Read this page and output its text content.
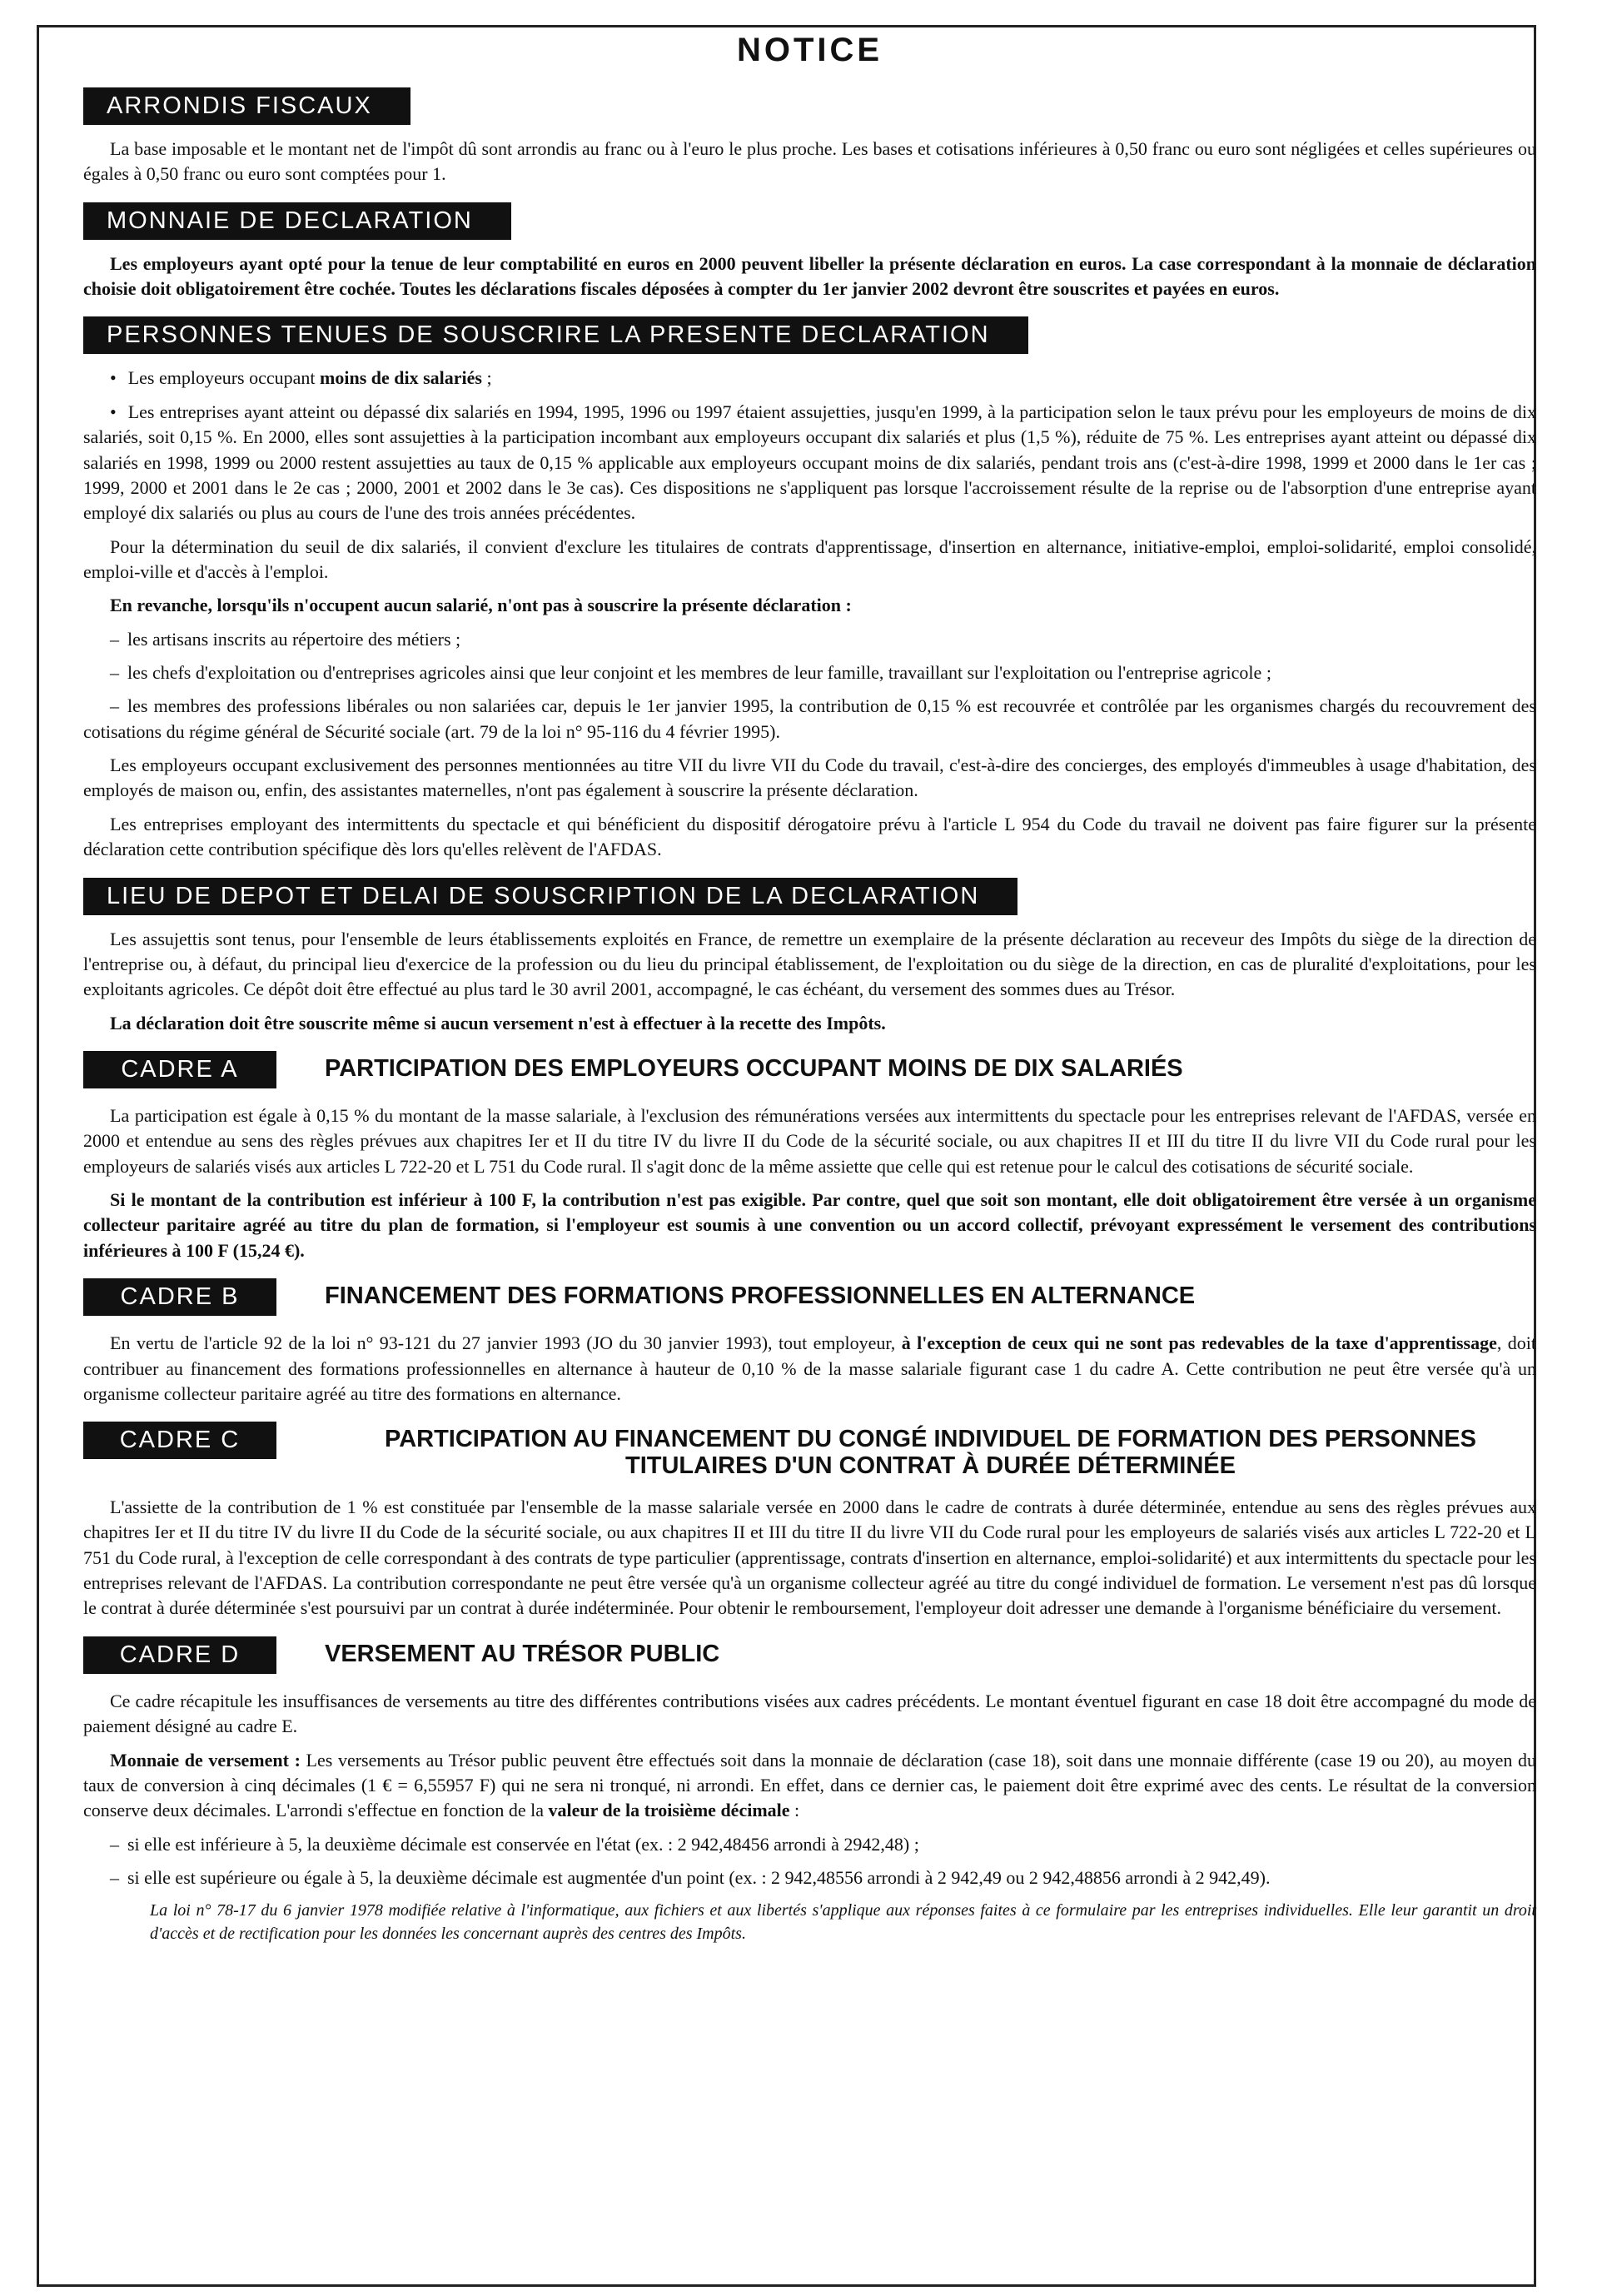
NOTICE
ARRONDIS FISCAUX

La base imposable et le montant net de l'impôt dû sont arrondis au franc ou à l'euro le plus proche. Les bases et cotisations inférieures à 0,50 franc ou euro sont négligées et celles supérieures ou égales à 0,50 franc ou euro sont comptées pour 1.

MONNAIE DE DECLARATION

Les employeurs ayant opté pour la tenue de leur comptabilité en euros en 2000 peuvent libeller la présente déclaration en euros. La case correspondant à la monnaie de déclaration choisie doit obligatoirement être cochée. Toutes les déclarations fiscales déposées à compter du 1er janvier 2002 devront être souscrites et payées en euros.

PERSONNES TENUES DE SOUSCRIRE LA PRESENTE DECLARATION

• Les employeurs occupant moins de dix salariés ;

• Les entreprises ayant atteint ou dépassé dix salariés en 1994, 1995, 1996 ou 1997 étaient assujetties, jusqu'en 1999, à la participation selon le taux prévu pour les employeurs de moins de dix salariés, soit 0,15 %. En 2000, elles sont assujetties à la participation incombant aux employeurs occupant dix salariés et plus (1,5 %), réduite de 75 %. Les entreprises ayant atteint ou dépassé dix salariés en 1998, 1999 ou 2000 restent assujetties au taux de 0,15 % applicable aux employeurs occupant moins de dix salariés, pendant trois ans (c'est-à-dire 1998, 1999 et 2000 dans le 1er cas ; 1999, 2000 et 2001 dans le 2e cas ; 2000, 2001 et 2002 dans le 3e cas). Ces dispositions ne s'appliquent pas lorsque l'accroissement résulte de la reprise ou de l'absorption d'une entreprise ayant employé dix salariés ou plus au cours de l'une des trois années précédentes.

Pour la détermination du seuil de dix salariés, il convient d'exclure les titulaires de contrats d'apprentissage, d'insertion en alternance, initiative-emploi, emploi-solidarité, emploi consolidé, emploi-ville et d'accès à l'emploi.

En revanche, lorsqu'ils n'occupent aucun salarié, n'ont pas à souscrire la présente déclaration :

– les artisans inscrits au répertoire des métiers ;

– les chefs d'exploitation ou d'entreprises agricoles ainsi que leur conjoint et les membres de leur famille, travaillant sur l'exploitation ou l'entreprise agricole ;

– les membres des professions libérales ou non salariées car, depuis le 1er janvier 1995, la contribution de 0,15 % est recouvrée et contrôlée par les organismes chargés du recouvrement des cotisations du régime général de Sécurité sociale (art. 79 de la loi n° 95-116 du 4 février 1995).

Les employeurs occupant exclusivement des personnes mentionnées au titre VII du livre VII du Code du travail, c'est-à-dire des concierges, des employés d'immeubles à usage d'habitation, des employés de maison ou, enfin, des assistantes maternelles, n'ont pas également à souscrire la présente déclaration.

Les entreprises employant des intermittents du spectacle et qui bénéficient du dispositif dérogatoire prévu à l'article L 954 du Code du travail ne doivent pas faire figurer sur la présente déclaration cette contribution spécifique dès lors qu'elles relèvent de l'AFDAS.

LIEU DE DEPOT ET DELAI DE SOUSCRIPTION DE LA DECLARATION

Les assujettis sont tenus, pour l'ensemble de leurs établissements exploités en France, de remettre un exemplaire de la présente déclaration au receveur des Impôts du siège de la direction de l'entreprise ou, à défaut, du principal lieu d'exercice de la profession ou du lieu du principal établissement, de l'exploitation ou du siège de la direction, en cas de pluralité d'exploitations, pour les exploitants agricoles. Ce dépôt doit être effectué au plus tard le 30 avril 2001, accompagné, le cas échéant, du versement des sommes dues au Trésor.

La déclaration doit être souscrite même si aucun versement n'est à effectuer à la recette des Impôts.

CADRE A	PARTICIPATION DES EMPLOYEURS OCCUPANT MOINS DE DIX SALARIÉS

La participation est égale à 0,15 % du montant de la masse salariale, à l'exclusion des rémunérations versées aux intermittents du spectacle pour les entreprises relevant de l'AFDAS, versée en 2000 et entendue au sens des règles prévues aux chapitres Ier et II du titre IV du livre II du Code de la sécurité sociale, ou aux chapitres II et III du titre II du livre VII du Code rural pour les employeurs de salariés visés aux articles L 722-20 et L 751 du Code rural. Il s'agit donc de la même assiette que celle qui est retenue pour le calcul des cotisations de sécurité sociale.

Si le montant de la contribution est inférieur à 100 F, la contribution n'est pas exigible. Par contre, quel que soit son montant, elle doit obligatoirement être versée à un organisme collecteur paritaire agréé au titre du plan de formation, si l'employeur est soumis à une convention ou un accord collectif, prévoyant expressément le versement des contributions inférieures à 100 F (15,24 €).

CADRE B	FINANCEMENT DES FORMATIONS PROFESSIONNELLES EN ALTERNANCE

En vertu de l'article 92 de la loi n° 93-121 du 27 janvier 1993 (JO du 30 janvier 1993), tout employeur, à l'exception de ceux qui ne sont pas redevables de la taxe d'apprentissage, doit contribuer au financement des formations professionnelles en alternance à hauteur de 0,10 % de la masse salariale figurant case 1 du cadre A. Cette contribution ne peut être versée qu'à un organisme collecteur paritaire agréé au titre des formations en alternance.

CADRE C	PARTICIPATION AU FINANCEMENT DU CONGÉ INDIVIDUEL DE FORMATION DES PERSONNES TITULAIRES D'UN CONTRAT À DURÉE DÉTERMINÉE

L'assiette de la contribution de 1 % est constituée par l'ensemble de la masse salariale versée en 2000 dans le cadre de contrats à durée déterminée, entendue au sens des règles prévues aux chapitres Ier et II du titre IV du livre II du Code de la sécurité sociale, ou aux chapitres II et III du titre II du livre VII du Code rural pour les employeurs de salariés visés aux articles L 722-20 et L 751 du Code rural, à l'exception de celle correspondant à des contrats de type particulier (apprentissage, contrats d'insertion en alternance, emploi-solidarité) et aux intermittents du spectacle pour les entreprises relevant de l'AFDAS. La contribution correspondante ne peut être versée qu'à un organisme collecteur agréé au titre du congé individuel de formation. Le versement n'est pas dû lorsque le contrat à durée déterminée s'est poursuivi par un contrat à durée indéterminée. Pour obtenir le remboursement, l'employeur doit adresser une demande à l'organisme bénéficiaire du versement.

CADRE D	VERSEMENT AU TRÉSOR PUBLIC

Ce cadre récapitule les insuffisances de versements au titre des différentes contributions visées aux cadres précédents. Le montant éventuel figurant en case 18 doit être accompagné du mode de paiement désigné au cadre E.

Monnaie de versement : Les versements au Trésor public peuvent être effectués soit dans la monnaie de déclaration (case 18), soit dans une monnaie différente (case 19 ou 20), au moyen du taux de conversion à cinq décimales (1 € = 6,55957 F) qui ne sera ni tronqué, ni arrondi. En effet, dans ce dernier cas, le paiement doit être exprimé avec des cents. Le résultat de la conversion conserve deux décimales. L'arrondi s'effectue en fonction de la valeur de la troisième décimale :

– si elle est inférieure à 5, la deuxième décimale est conservée en l'état (ex. : 2 942,48456 arrondi à 2942,48) ;

– si elle est supérieure ou égale à 5, la deuxième décimale est augmentée d'un point (ex. : 2 942,48556 arrondi à 2 942,49 ou 2 942,48856 arrondi à 2 942,49).

La loi n° 78-17 du 6 janvier 1978 modifiée relative à l'informatique, aux fichiers et aux libertés s'applique aux réponses faites à ce formulaire par les entreprises individuelles. Elle leur garantit un droit d'accès et de rectification pour les données les concernant auprès des centres des Impôts.
